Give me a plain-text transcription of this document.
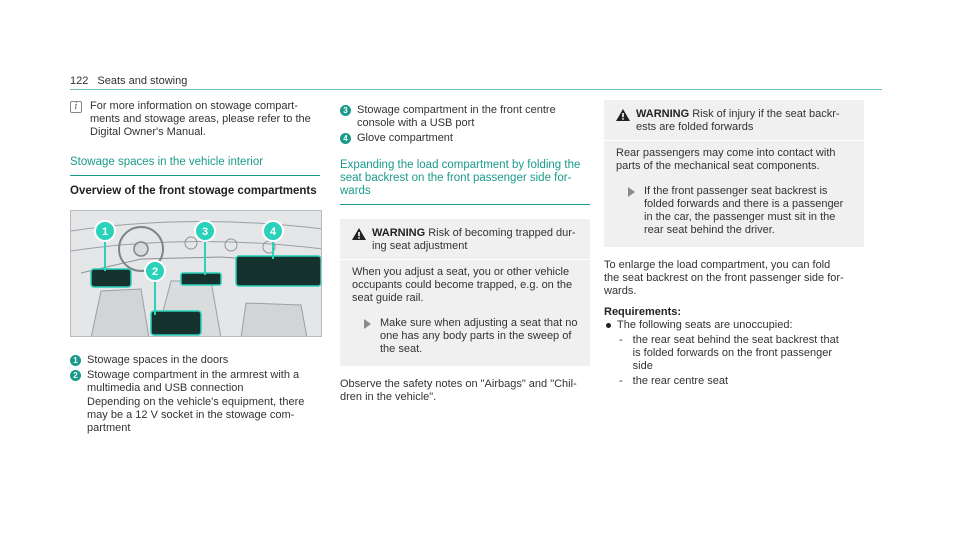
122 Seats and stowing
i	For more information on stowage compart-
ments and stowage areas, please refer to the
Digital Owner's Manual.
Stowage spaces in the vehicle interior
Overview of the front stowage compartments
1
2
3	4
1 Stowage spaces in the doors
2 Stowage compartment in the armrest with a
multimedia and USB connection
Depending on the vehicle's equipment, there
may be a 12 V socket in the stowage com-
partment
3 Stowage compartment in the front centre
console with a USB port
4 Glove compartment
Expanding the load compartment by folding the
seat backrest on the front passenger side for-
wards
WARNING Risk of becoming trapped dur-
ing seat adjustment
When you adjust a seat, you or other vehicle
occupants could become trapped, e.g. on the
seat guide rail.
Make sure when adjusting a seat that no
one has any body parts in the sweep of
the seat.
Observe the safety notes on "Airbags" and "Chil-
dren in the vehicle".
WARNING Risk of injury if the seat backr-
ests are folded forwards
Rear passengers may come into contact with
parts of the mechanical seat components.
If the front passenger seat backrest is
folded forwards and there is a passenger
in the car, the passenger must sit in the
rear seat behind the driver.
To enlarge the load compartment, you can fold
the seat backrest on the front passenger side for-
wards.
Requirements:
The following seats are unoccupied:
- the rear seat behind the seat backrest that
is folded forwards on the front passenger
side
- the rear centre seat
